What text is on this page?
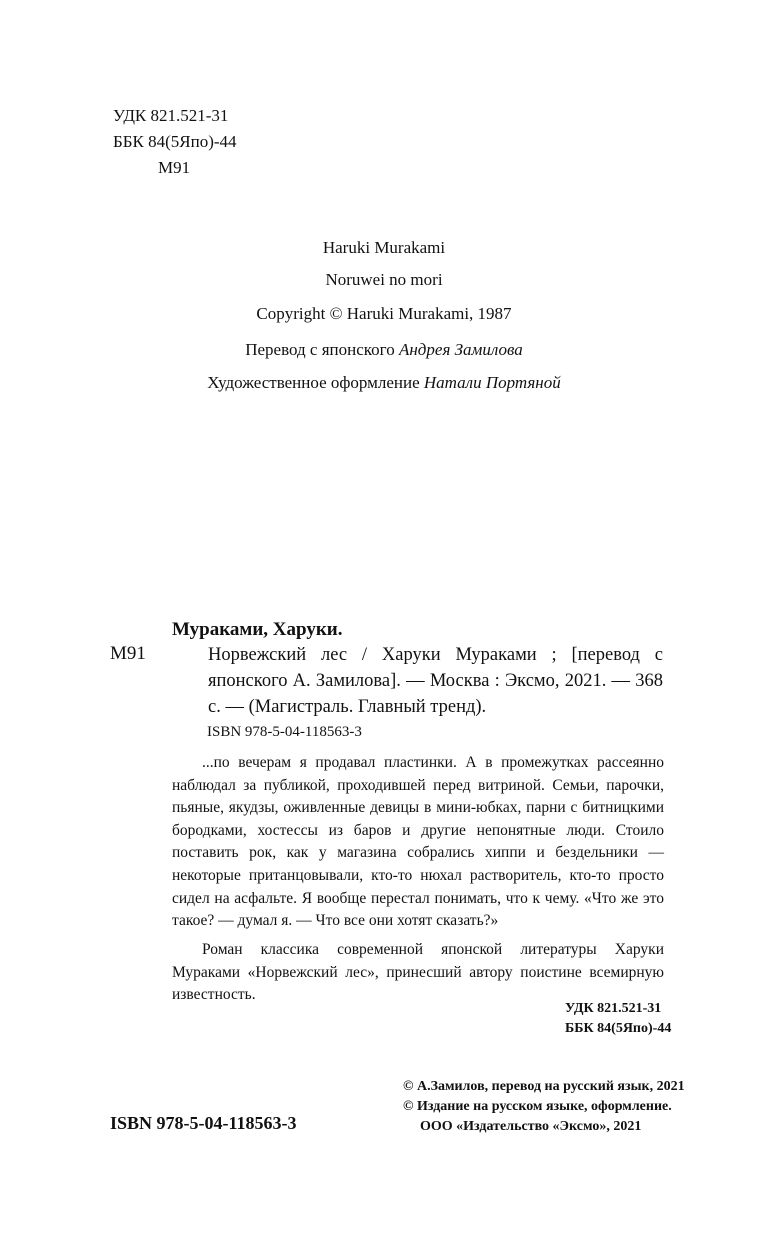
УДК 821.521-31
ББК 84(5Япо)-44
М91
Haruki Murakami
Noruwei no mori
Copyright © Haruki Murakami, 1987
Перевод с японского Андрея Замилова
Художественное оформление Натали Портяной
Мураками, Харуки.
М91	Норвежский лес / Харуки Мураками ; [перевод с японского А. Замилова]. — Москва : Эксмо, 2021. — 368 с. — (Магистраль. Главный тренд).
ISBN 978-5-04-118563-3
...по вечерам я продавал пластинки. А в промежутках рассеянно наблюдал за публикой, проходившей перед витриной. Семьи, парочки, пьяные, якудзы, оживленные девицы в мини-юбках, парни с битницкими бородками, хостессы из баров и другие непонятные люди. Стоило поставить рок, как у магазина собрались хиппи и бездельники — некоторые пританцовывали, кто-то нюхал растворитель, кто-то просто сидел на асфальте. Я вообще перестал понимать, что к чему. «Что же это такое? — думал я. — Что все они хотят сказать?»
Роман классика современной японской литературы Харуки Мураками «Норвежский лес», принесший автору поистине всемирную известность.
УДК 821.521-31
ББК 84(5Япо)-44
ISBN 978-5-04-118563-3
© А.Замилов, перевод на русский язык, 2021
© Издание на русском языке, оформление.
ООО «Издательство «Эксмо», 2021
